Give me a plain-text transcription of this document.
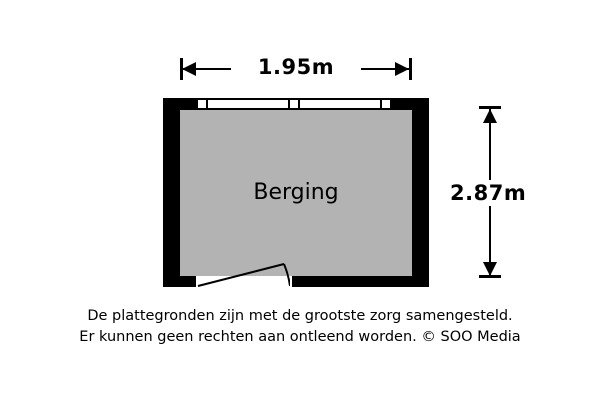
1.95m
2.87m
Berging
De plattegronden zijn met de grootste zorg samengesteld.
Er kunnen geen rechten aan ontleend worden. © SOO Media
